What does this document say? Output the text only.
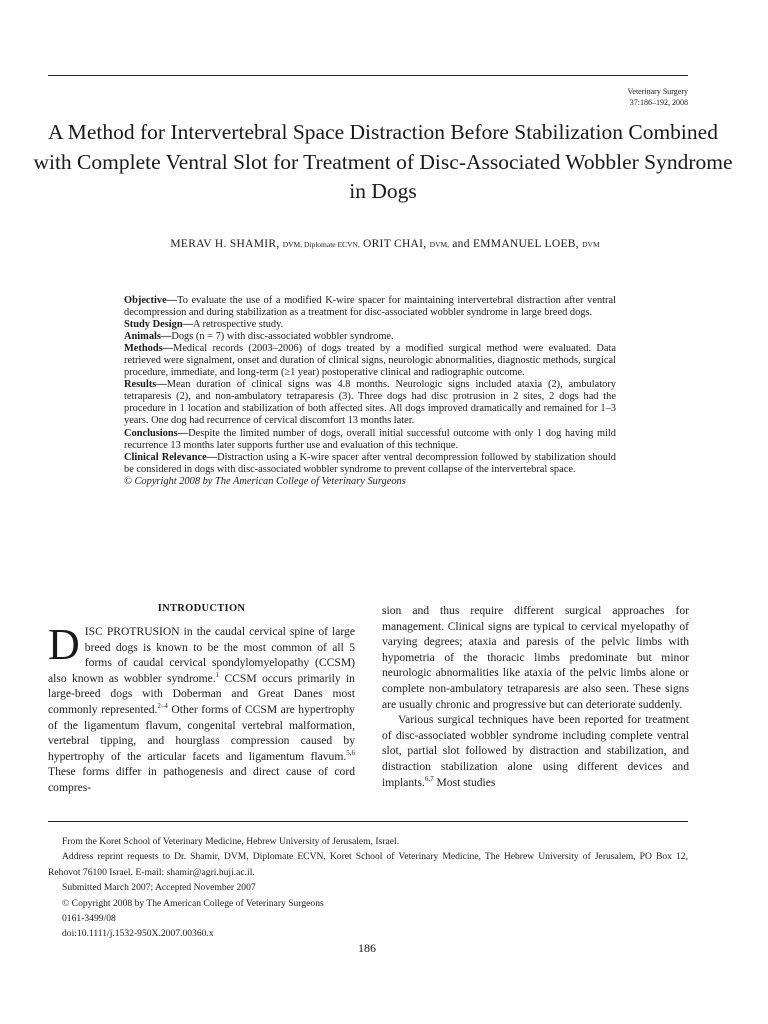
Veterinary Surgery
37:186–192, 2008
A Method for Intervertebral Space Distraction Before Stabilization Combined with Complete Ventral Slot for Treatment of Disc-Associated Wobbler Syndrome in Dogs
MERAV H. SHAMIR, DVM, Diplomate ECVN, ORIT CHAI, DVM, and EMMANUEL LOEB, DVM

Objective—To evaluate the use of a modified K-wire spacer for maintaining intervertebral distraction after ventral decompression and during stabilization as a treatment for disc-associated wobbler syndrome in large breed dogs.

Study Design—A retrospective study.

Animals—Dogs (n = 7) with disc-associated wobbler syndrome.

Methods—Medical records (2003–2006) of dogs treated by a modified surgical method were evaluated. Data retrieved were signalment, onset and duration of clinical signs, neurologic abnormalities, diagnostic methods, surgical procedure, immediate, and long-term (≥1 year) postoperative clinical and radiographic outcome.

Results—Mean duration of clinical signs was 4.8 months. Neurologic signs included ataxia (2), ambulatory tetraparesis (2), and non-ambulatory tetraparesis (3). Three dogs had disc protrusion in 2 sites, 2 dogs had the procedure in 1 location and stabilization of both affected sites. All dogs improved dramatically and remained for 1–3 years. One dog had recurrence of cervical discomfort 13 months later.

Conclusions—Despite the limited number of dogs, overall initial successful outcome with only 1 dog having mild recurrence 13 months later supports further use and evaluation of this technique.

Clinical Relevance—Distraction using a K-wire spacer after ventral decompression followed by stabilization should be considered in dogs with disc-associated wobbler syndrome to prevent collapse of the intervertebral space.

© Copyright 2008 by The American College of Veterinary Surgeons

INTRODUCTION

DISC PROTRUSION in the caudal cervical spine of large breed dogs is known to be the most common of all 5 forms of caudal cervical spondylomyelopathy (CCSM) also known as wobbler syndrome.$^1$ CCSM occurs primarily in large-breed dogs with Doberman and Great Danes most commonly represented.$^{2-4}$ Other forms of CCSM are hypertrophy of the ligamentum flavum, congenital vertebral malformation, vertebral tipping, and hourglass compression caused by hypertrophy of the articular facets and ligamentum flavum.$^{5,6}$ These forms differ in pathogenesis and direct cause of cord compres-

sion and thus require different surgical approaches for management. Clinical signs are typical to cervical myelopathy of varying degrees; ataxia and paresis of the pelvic limbs with hypometria of the thoracic limbs predominate but minor neurologic abnormalities like ataxia of the pelvic limbs alone or complete non-ambulatory tetraparesis are also seen. These signs are usually chronic and progressive but can deteriorate suddenly.

Various surgical techniques have been reported for treatment of disc-associated wobbler syndrome including complete ventral slot, partial slot followed by distraction and stabilization, and distraction stabilization alone using different devices and implants.$^{6,7}$ Most studies

From the Koret School of Veterinary Medicine, Hebrew University of Jerusalem, Israel.

Address reprint requests to Dr. Shamir, DVM, Diplomate ECVN, Koret School of Veterinary Medicine, The Hebrew University of Jerusalem, PO Box 12, Rehovot 76100 Israel. E-mail: shamir@agri.huji.ac.il.

Submitted March 2007; Accepted November 2007

© Copyright 2008 by The American College of Veterinary Surgeons

0161-3499/08

doi:10.1111/j.1532-950X.2007.00360.x

186
